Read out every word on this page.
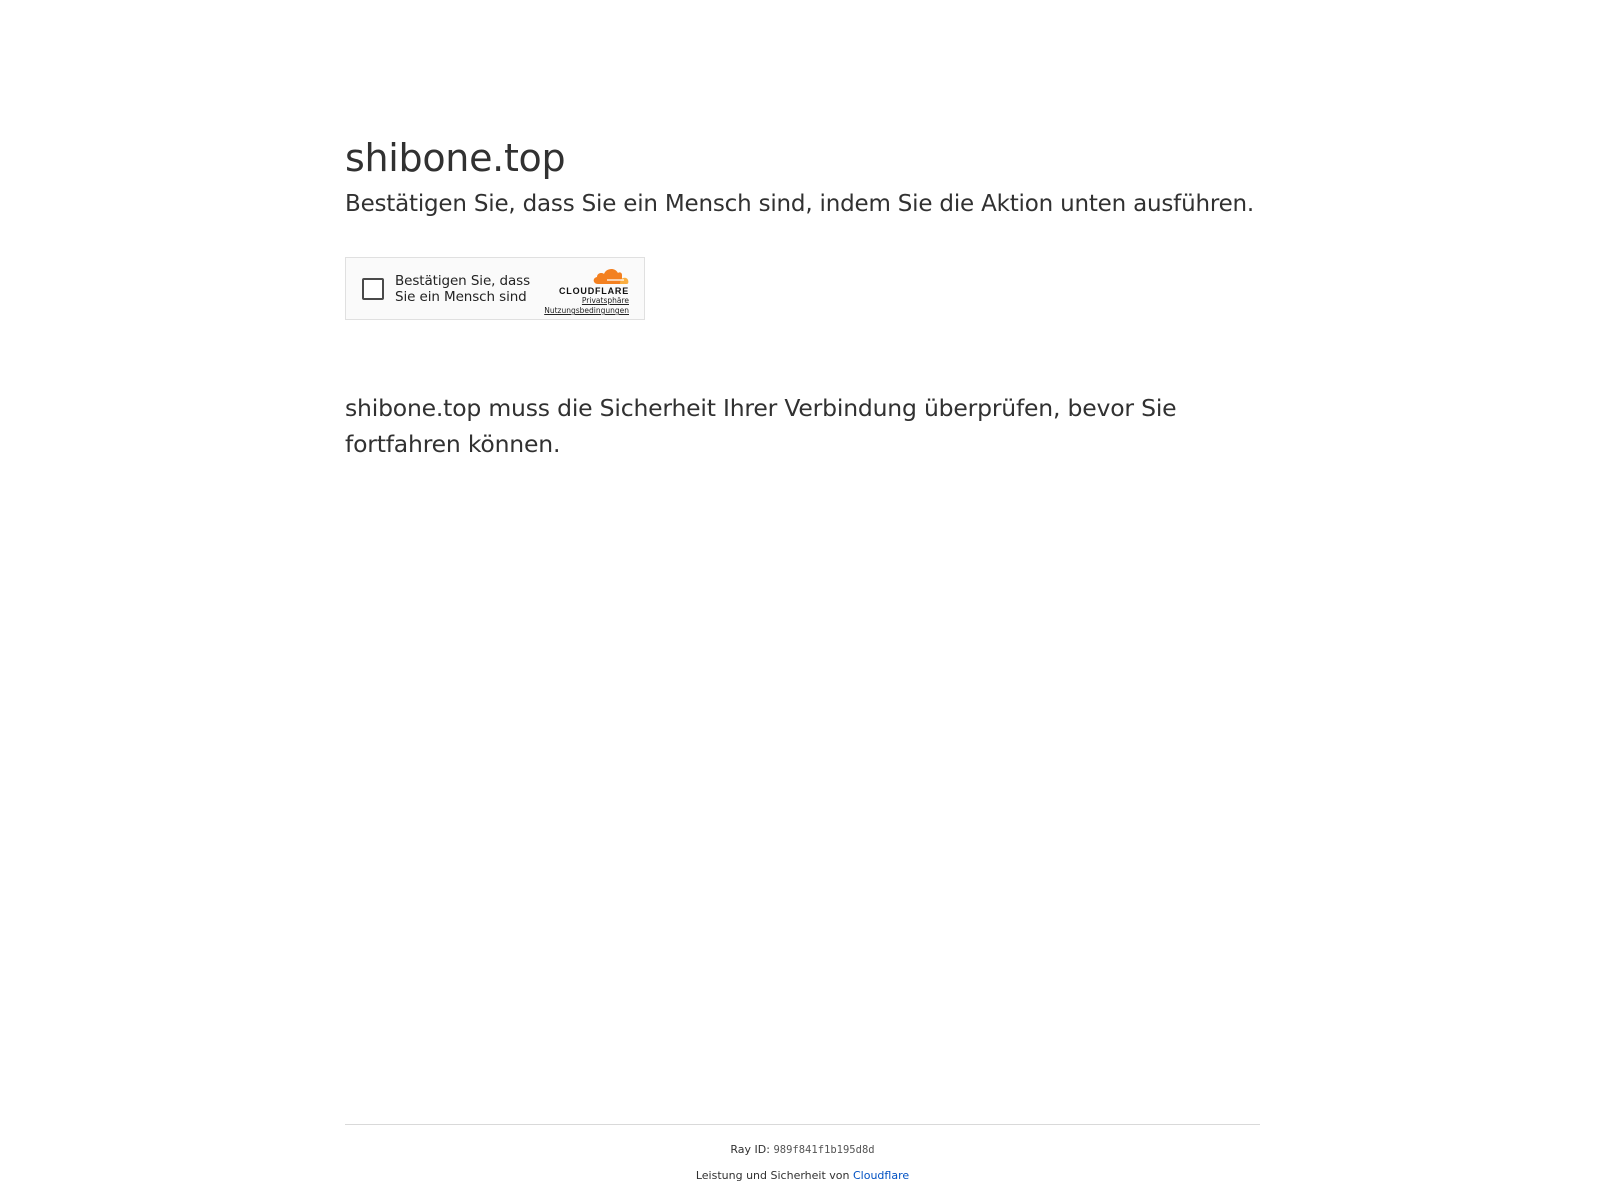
shibone.top
Bestätigen Sie, dass Sie ein Mensch sind, indem Sie die Aktion unten ausführen.
Bestätigen Sie, dass Sie ein Mensch sind	CLOUDFLARE
Privatsphäre
Nutzungsbedingungen

shibone.top muss die Sicherheit Ihrer Verbindung überprüfen, bevor Sie fortfahren können.

Ray ID: 989f841f1b195d8d
Leistung und Sicherheit von Cloudflare
